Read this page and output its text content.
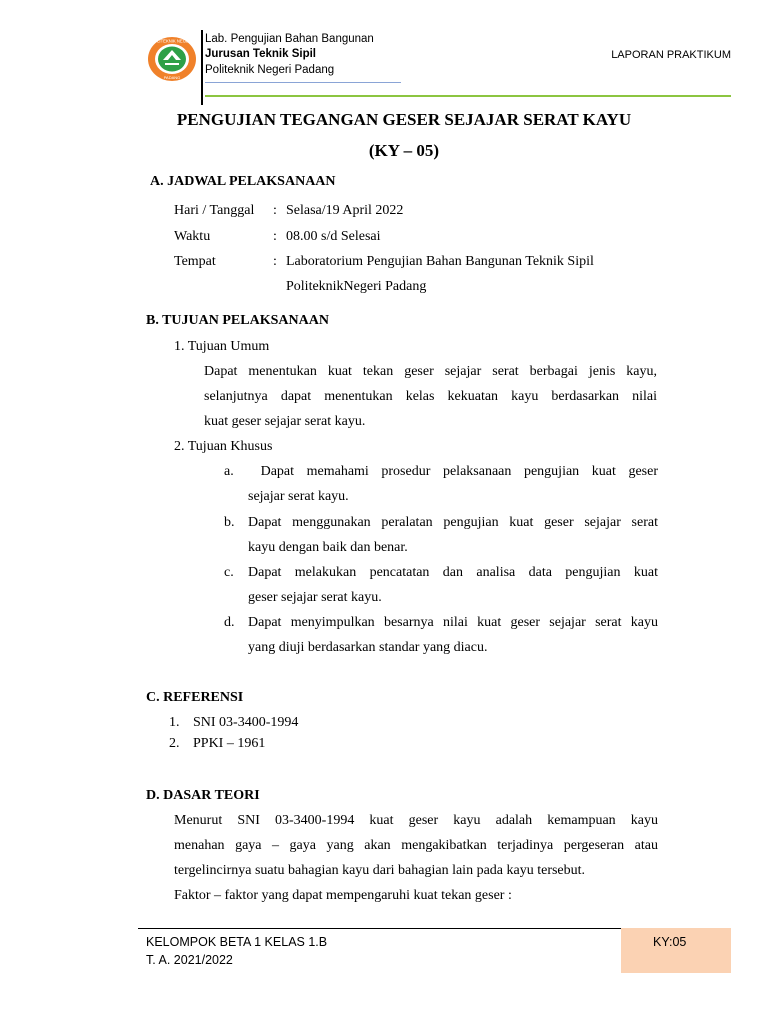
POLITEKNIK NEGERI
PADANG
Lab. Pengujian Bahan Bangunan
Jurusan Teknik Sipil
Politeknik Negeri Padang
LAPORAN PRAKTIKUM
PENGUJIAN TEGANGAN GESER SEJAJAR SERAT KAYU
(KY – 05)
A. JADWAL PELAKSANAAN
Hari / Tanggal : Selasa/19 April 2022
Waktu	: 08.00 s/d Selesai
Tempat	: Laboratorium Pengujian Bahan Bangunan Teknik Sipil
PoliteknikNegeri Padang
B. TUJUAN PELAKSANAAN
1. Tujuan Umum
Dapat menentukan kuat tekan geser sejajar serat berbagai jenis kayu,
selanjutnya dapat menentukan kelas kekuatan kayu berdasarkan nilai
kuat geser sejajar serat kayu.
2. Tujuan Khusus
a. Dapat memahami prosedur pelaksanaan pengujian kuat geser
sejajar serat kayu.
b. Dapat menggunakan peralatan pengujian kuat geser sejajar serat
kayu dengan baik dan benar.
c. Dapat melakukan pencatatan dan analisa data pengujian kuat
geser sejajar serat kayu.
d. Dapat menyimpulkan besarnya nilai kuat geser sejajar serat kayu
yang diuji berdasarkan standar yang diacu.
C. REFERENSI
1. SNI 03-3400-1994
2. PPKI – 1961
D. DASAR TEORI
Menurut SNI 03-3400-1994 kuat geser kayu adalah kemampuan kayu
menahan gaya – gaya yang akan mengakibatkan terjadinya pergeseran atau
tergelincirnya suatu bahagian kayu dari bahagian lain pada kayu tersebut.
Faktor – faktor yang dapat mempengaruhi kuat tekan geser :
KELOMPOK BETA 1 KELAS 1.B
T. A. 2021/2022
KY:05
